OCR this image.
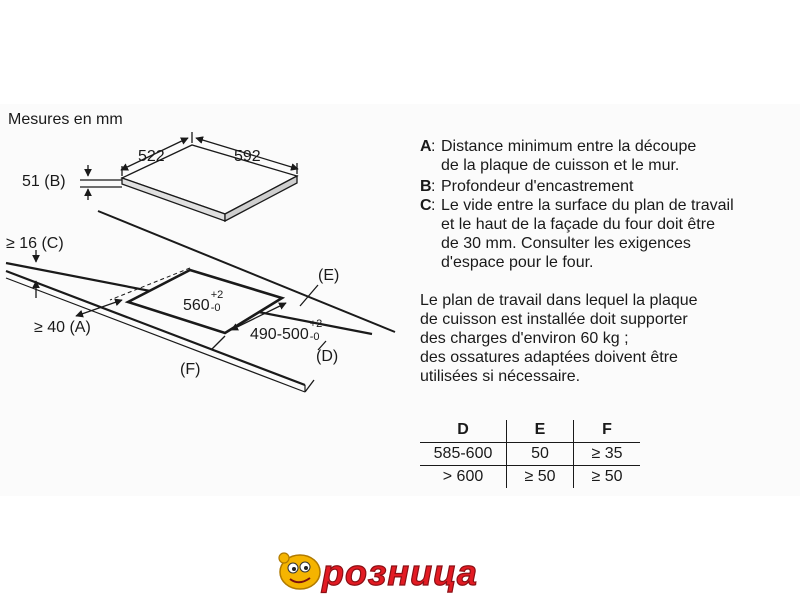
Mesures en mm
522	592
51 (B)
≥ 16 (C)
≥ 40 (A)
(E)
(D)
(F)
560
+2
-0
490-500
+2
-0
A : Distance minimum entre la découpe
de la plaque de cuisson et le mur.
B : Profondeur d'encastrement
C : Le vide entre la surface du plan de travail
et le haut de la façade du four doit être
de 30 mm. Consulter les exigences
d'espace pour le four.
Le plan de travail dans lequel la plaque
de cuisson est installée doit supporter
des charges d'environ 60 kg ;
des ossatures adaptées doivent être
utilisées si nécessaire.
D	E	F
585-600	50	≥ 35
> 600	≥ 50	≥ 50
розница
